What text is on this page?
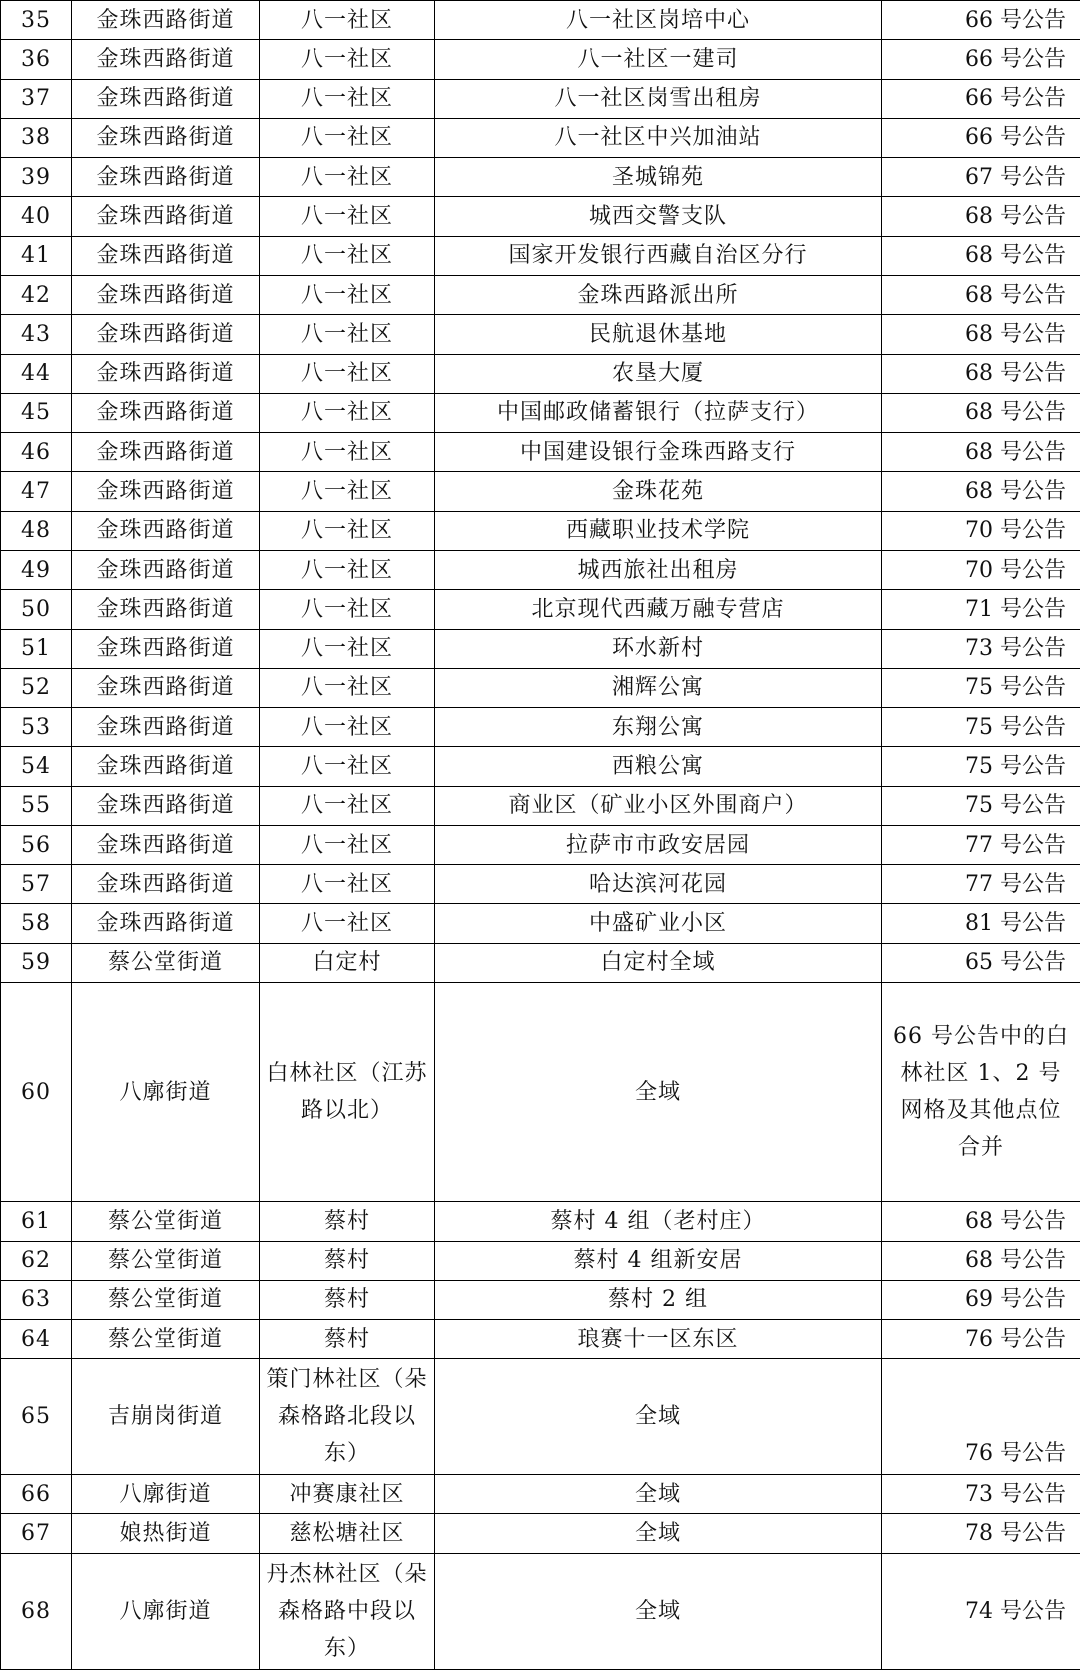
35	金珠西路街道	八一社区	八一社区岗培中心	66 号公告
36	金珠西路街道	八一社区	八一社区一建司	66 号公告
37	金珠西路街道	八一社区	八一社区岗雪出租房	66 号公告
38	金珠西路街道	八一社区	八一社区中兴加油站	66 号公告
39	金珠西路街道	八一社区	圣城锦苑	67 号公告
40	金珠西路街道	八一社区	城西交警支队	68 号公告
41	金珠西路街道	八一社区	国家开发银行西藏自治区分行	68 号公告
42	金珠西路街道	八一社区	金珠西路派出所	68 号公告
43	金珠西路街道	八一社区	民航退休基地	68 号公告
44	金珠西路街道	八一社区	农垦大厦	68 号公告
45	金珠西路街道	八一社区	中国邮政储蓄银行（拉萨支行）	68 号公告
46	金珠西路街道	八一社区	中国建设银行金珠西路支行	68 号公告
47	金珠西路街道	八一社区	金珠花苑	68 号公告
48	金珠西路街道	八一社区	西藏职业技术学院	70 号公告
49	金珠西路街道	八一社区	城西旅社出租房	70 号公告
50	金珠西路街道	八一社区	北京现代西藏万融专营店	71 号公告
51	金珠西路街道	八一社区	环水新村	73 号公告
52	金珠西路街道	八一社区	湘辉公寓	75 号公告
53	金珠西路街道	八一社区	东翔公寓	75 号公告
54	金珠西路街道	八一社区	西粮公寓	75 号公告
55	金珠西路街道	八一社区	商业区（矿业小区外围商户）	75 号公告
56	金珠西路街道	八一社区	拉萨市市政安居园	77 号公告
57	金珠西路街道	八一社区	哈达滨河花园	77 号公告
58	金珠西路街道	八一社区	中盛矿业小区	81 号公告
59	蔡公堂街道	白定村	白定村全域	65 号公告
60	八廓街道	白林社区（江苏路以北）	全域	66 号公告中的白林社区 1、2 号网格及其他点位合并
61	蔡公堂街道	蔡村	蔡村 4 组（老村庄）	68 号公告
62	蔡公堂街道	蔡村	蔡村 4 组新安居	68 号公告
63	蔡公堂街道	蔡村	蔡村 2 组	69 号公告
64	蔡公堂街道	蔡村	琅赛十一区东区	76 号公告
65	吉崩岗街道	策门林社区（朵森格路北段以东）	全域	76 号公告
66	八廓街道	冲赛康社区	全域	73 号公告
67	娘热街道	慈松塘社区	全域	78 号公告
68	八廓街道	丹杰林社区（朵森格路中段以东）	全域	74 号公告
